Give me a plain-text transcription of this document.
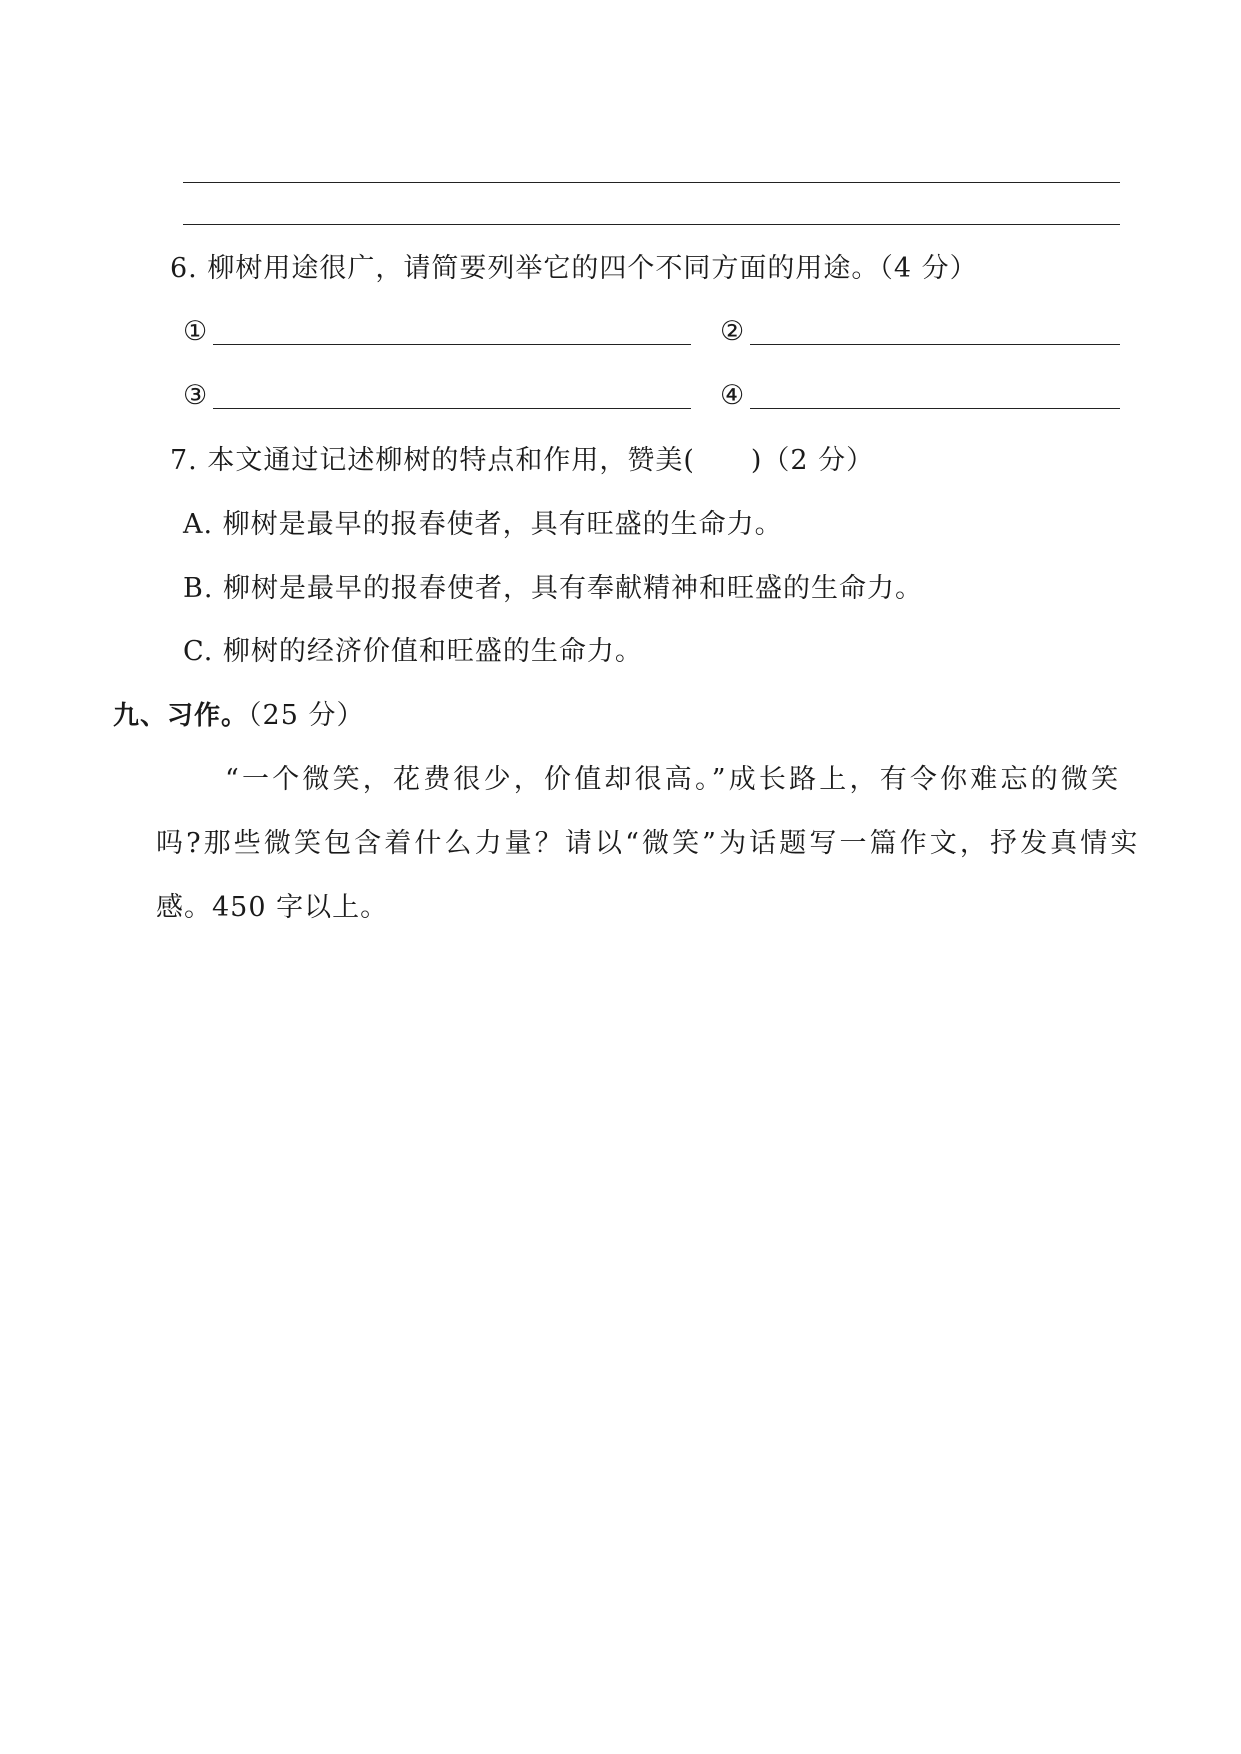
6. 柳树用途很广，请简要列举它的四个不同方面的用途。（4 分）
①	②
③	④
7. 本文通过记述柳树的特点和作用，赞美(　　)（2 分）
A. 柳树是最早的报春使者，具有旺盛的生命力。
B. 柳树是最早的报春使者，具有奉献精神和旺盛的生命力。
C. 柳树的经济价值和旺盛的生命力。
九、习作。（25 分）
“一个微笑，花费很少，价值却很高。”成长路上，有令你难忘的微笑
吗?那些微笑包含着什么力量？请以“微笑”为话题写一篇作文，抒发真情实
感。450 字以上。
